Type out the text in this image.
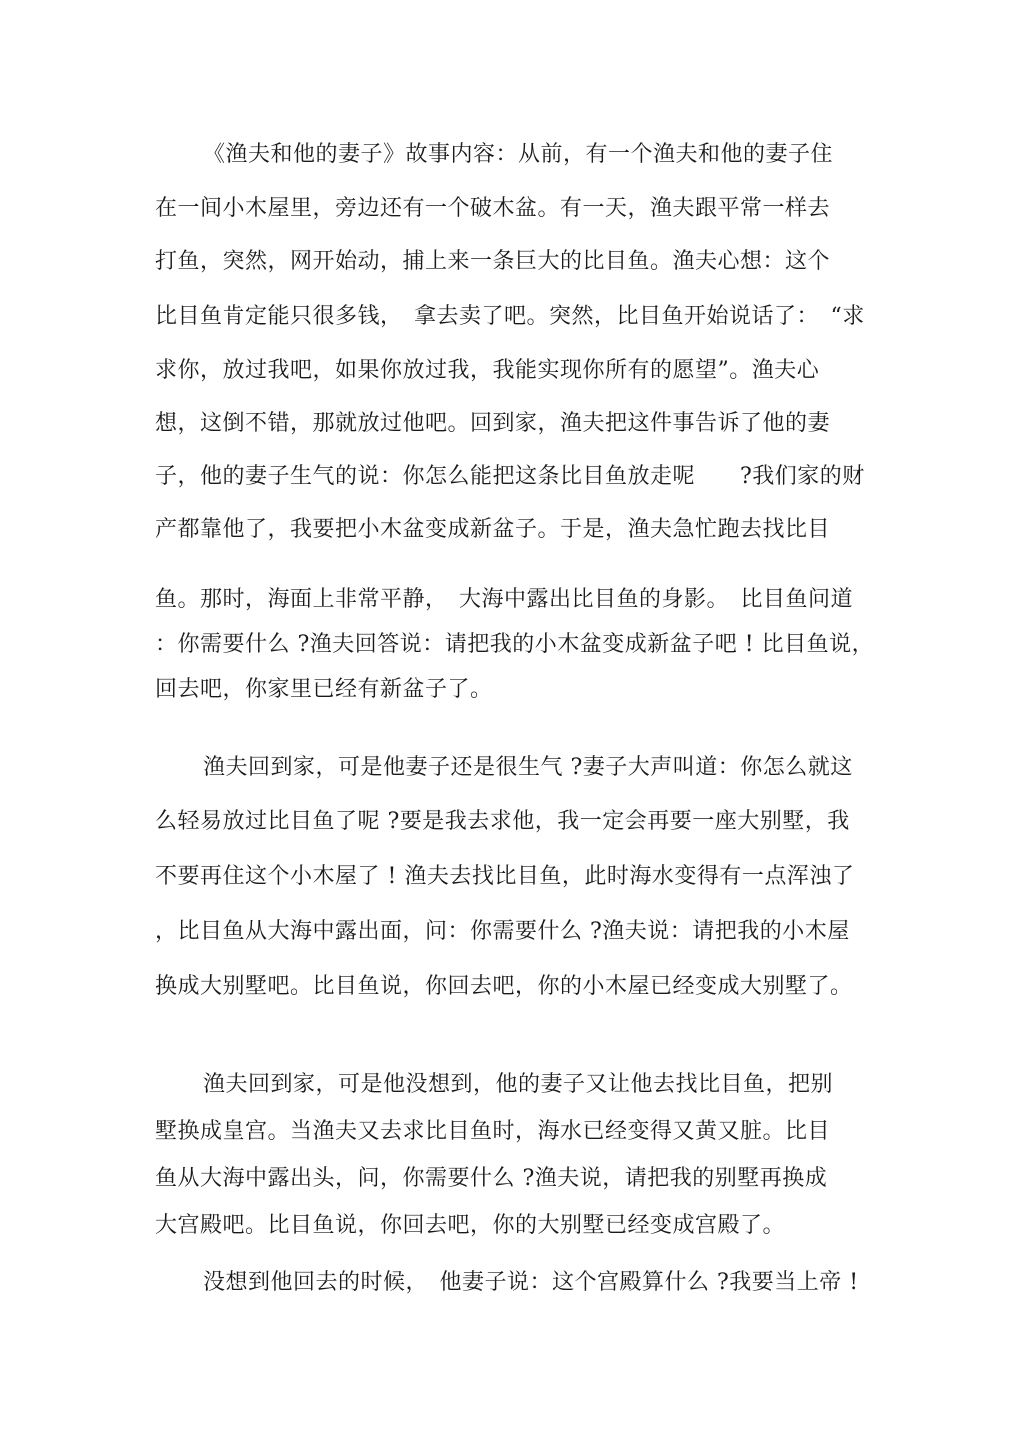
《渔夫和他的妻子》故事内容：从前，有一个渔夫和他的妻子住
在一间小木屋里，旁边还有一个破木盆。有一天，渔夫跟平常一样去
打鱼，突然，网开始动，捕上来一条巨大的比目鱼。渔夫心想：这个
比目鱼肯定能只很多钱，　拿去卖了吧。突然，比目鱼开始说话了：　“求
求你，放过我吧，如果你放过我，我能实现你所有的愿望”。渔夫心
想，这倒不错，那就放过他吧。回到家，渔夫把这件事告诉了他的妻
子，他的妻子生气的说：你怎么能把这条比目鱼放走呢　　?我们家的财
产都靠他了，我要把小木盆变成新盆子。于是，渔夫急忙跑去找比目
鱼。那时，海面上非常平静，　大海中露出比目鱼的身影。　比目鱼问道
：你需要什么 ?渔夫回答说：请把我的小木盆变成新盆子吧 ! 比目鱼说，
回去吧，你家里已经有新盆子了。
渔夫回到家，可是他妻子还是很生气 ?妻子大声叫道：你怎么就这
么轻易放过比目鱼了呢 ?要是我去求他，我一定会再要一座大别墅，我
不要再住这个小木屋了 ! 渔夫去找比目鱼，此时海水变得有一点浑浊了
，比目鱼从大海中露出面，问：你需要什么 ?渔夫说：请把我的小木屋
换成大别墅吧。比目鱼说，你回去吧，你的小木屋已经变成大别墅了。
渔夫回到家，可是他没想到，他的妻子又让他去找比目鱼，把别
墅换成皇宫。当渔夫又去求比目鱼时，海水已经变得又黄又脏。比目
鱼从大海中露出头，问，你需要什么 ?渔夫说，请把我的别墅再换成
大宫殿吧。比目鱼说，你回去吧，你的大别墅已经变成宫殿了。
没想到他回去的时候，　他妻子说：这个宫殿算什么 ?我要当上帝 !
